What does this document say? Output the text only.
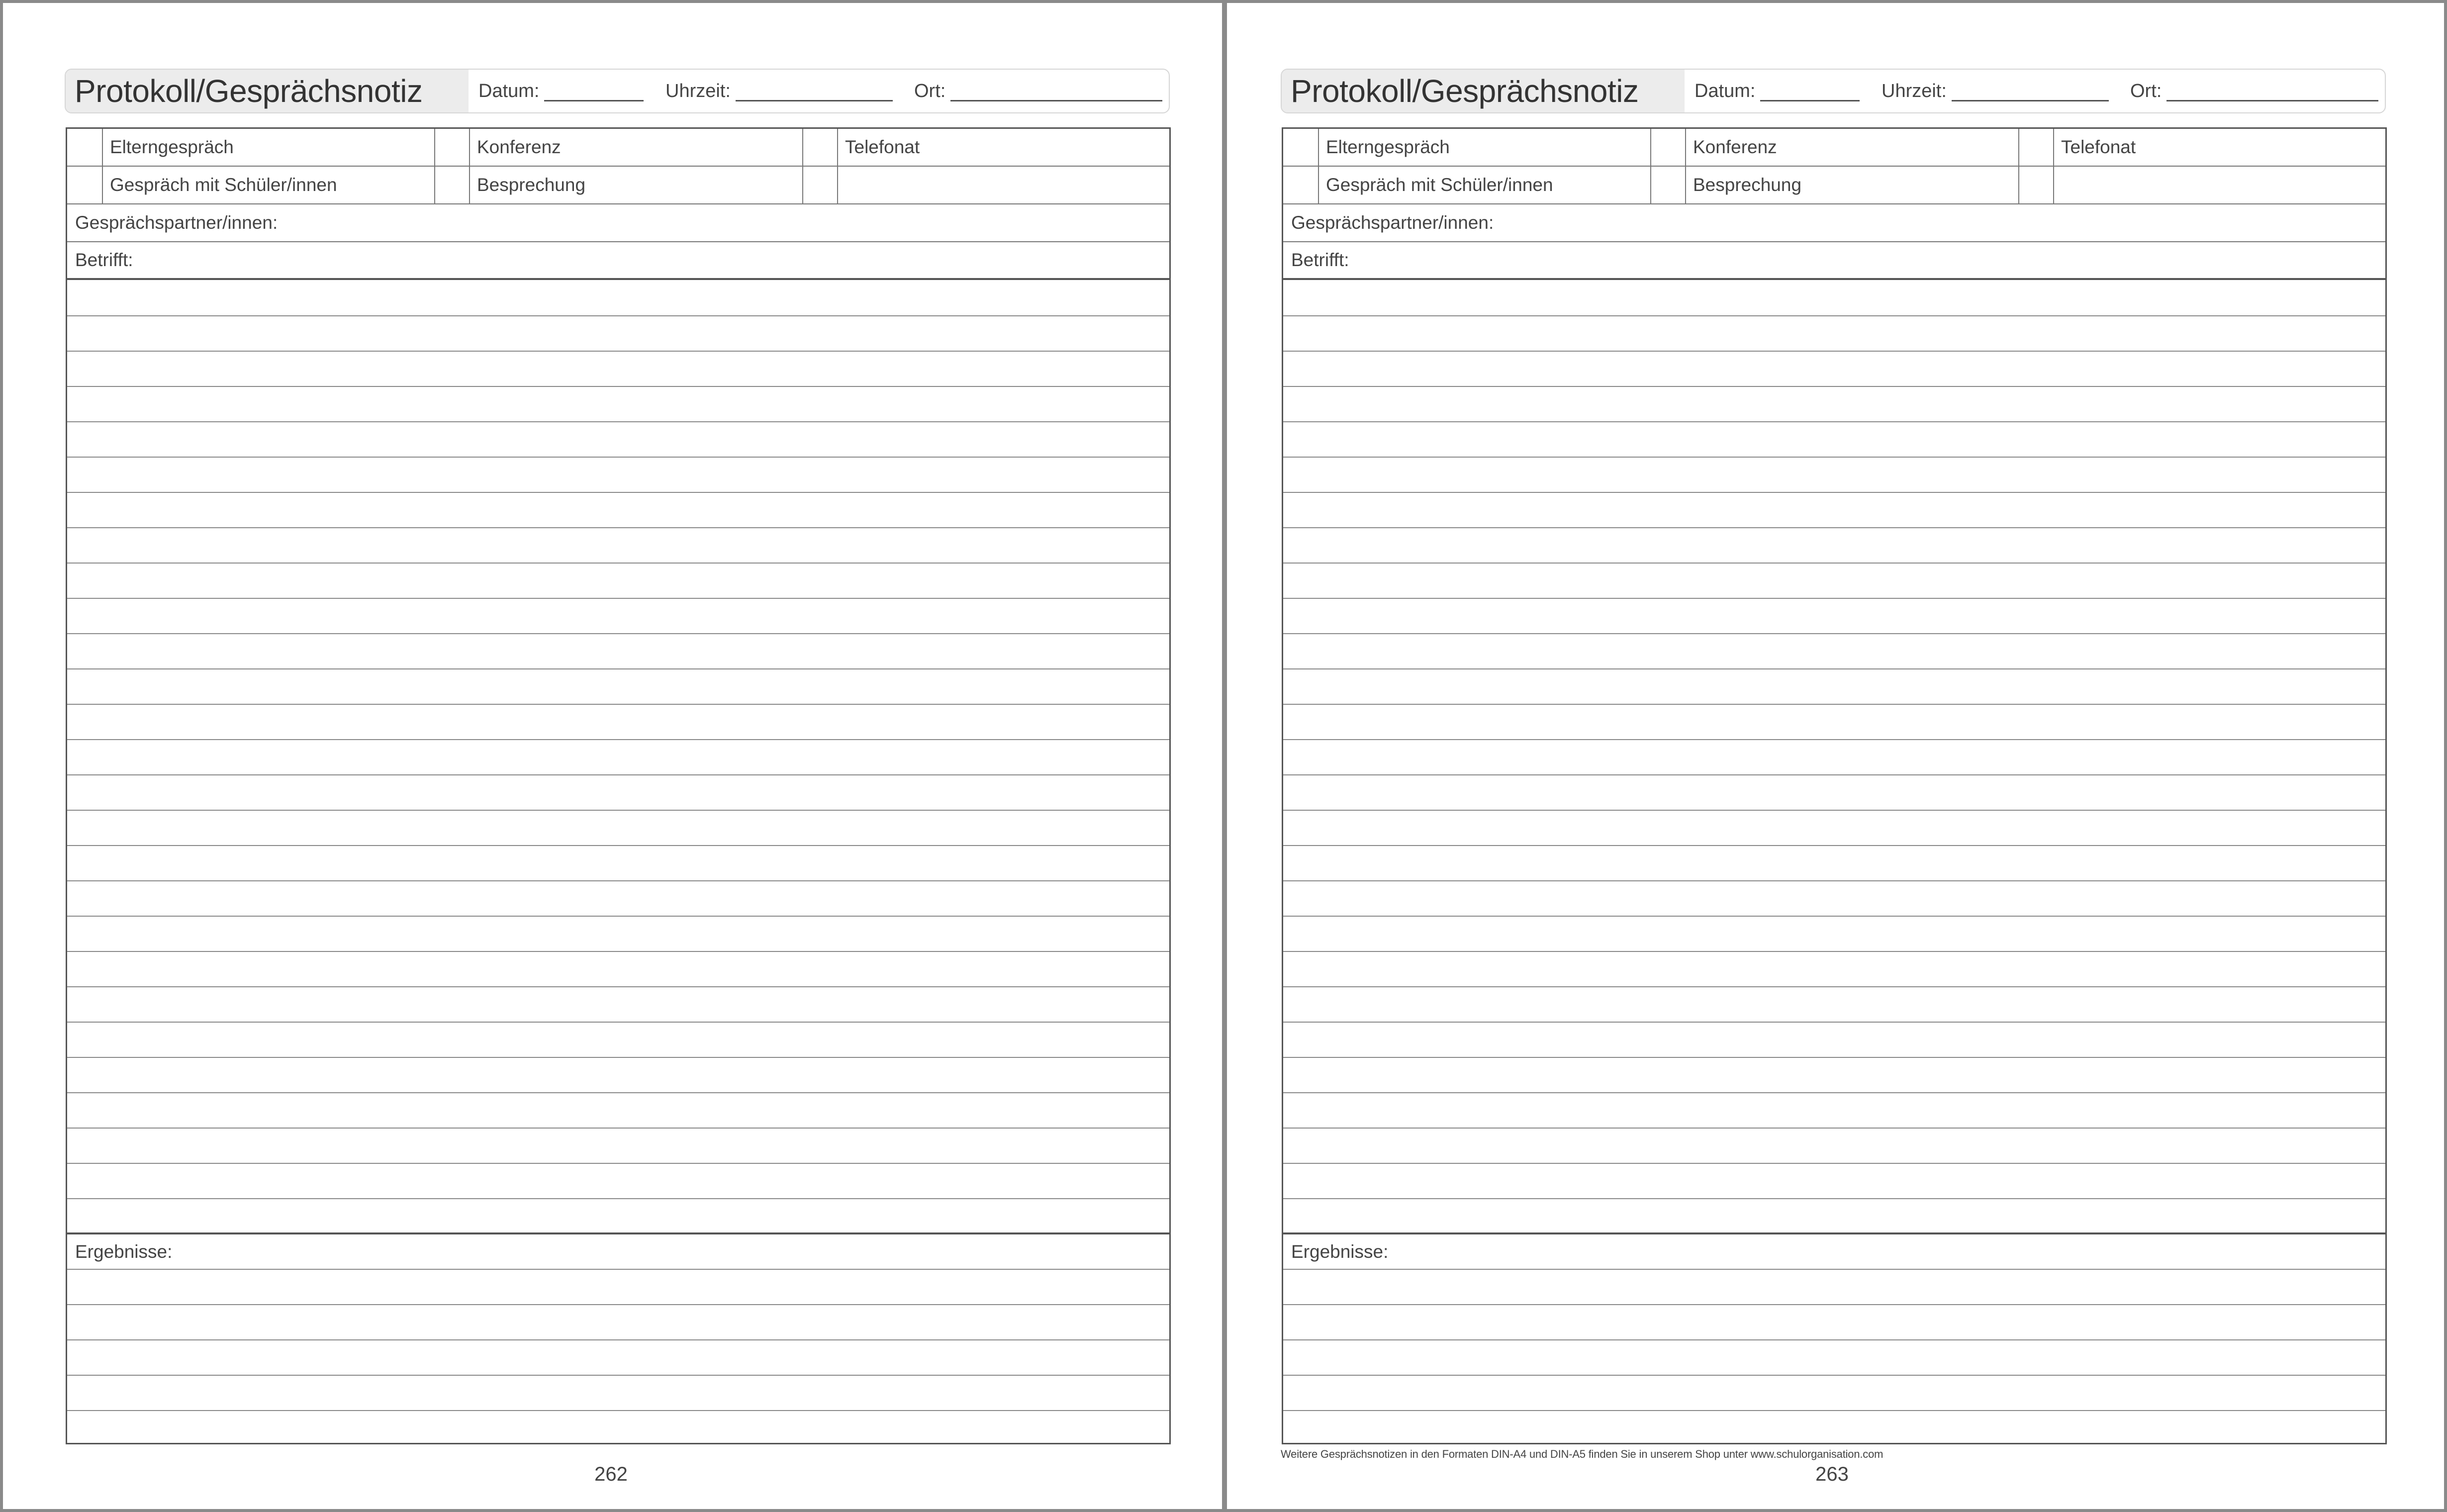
Protokoll/Gesprächsnotiz	Datum:	Uhrzeit:	Ort:
Elterngespräch	Konferenz	Telefonat
Gespräch mit Schüler/innen	Besprechung
Gesprächspartner/innen:
Betrifft:
Ergebnisse:
262
Protokoll/Gesprächsnotiz	Datum:	Uhrzeit:	Ort:
Elterngespräch	Konferenz	Telefonat
Gespräch mit Schüler/innen	Besprechung
Gesprächspartner/innen:
Betrifft:
Ergebnisse:
Weitere Gesprächsnotizen in den Formaten DIN-A4 und DIN-A5 finden Sie in unserem Shop unter www.schulorganisation.com
263
